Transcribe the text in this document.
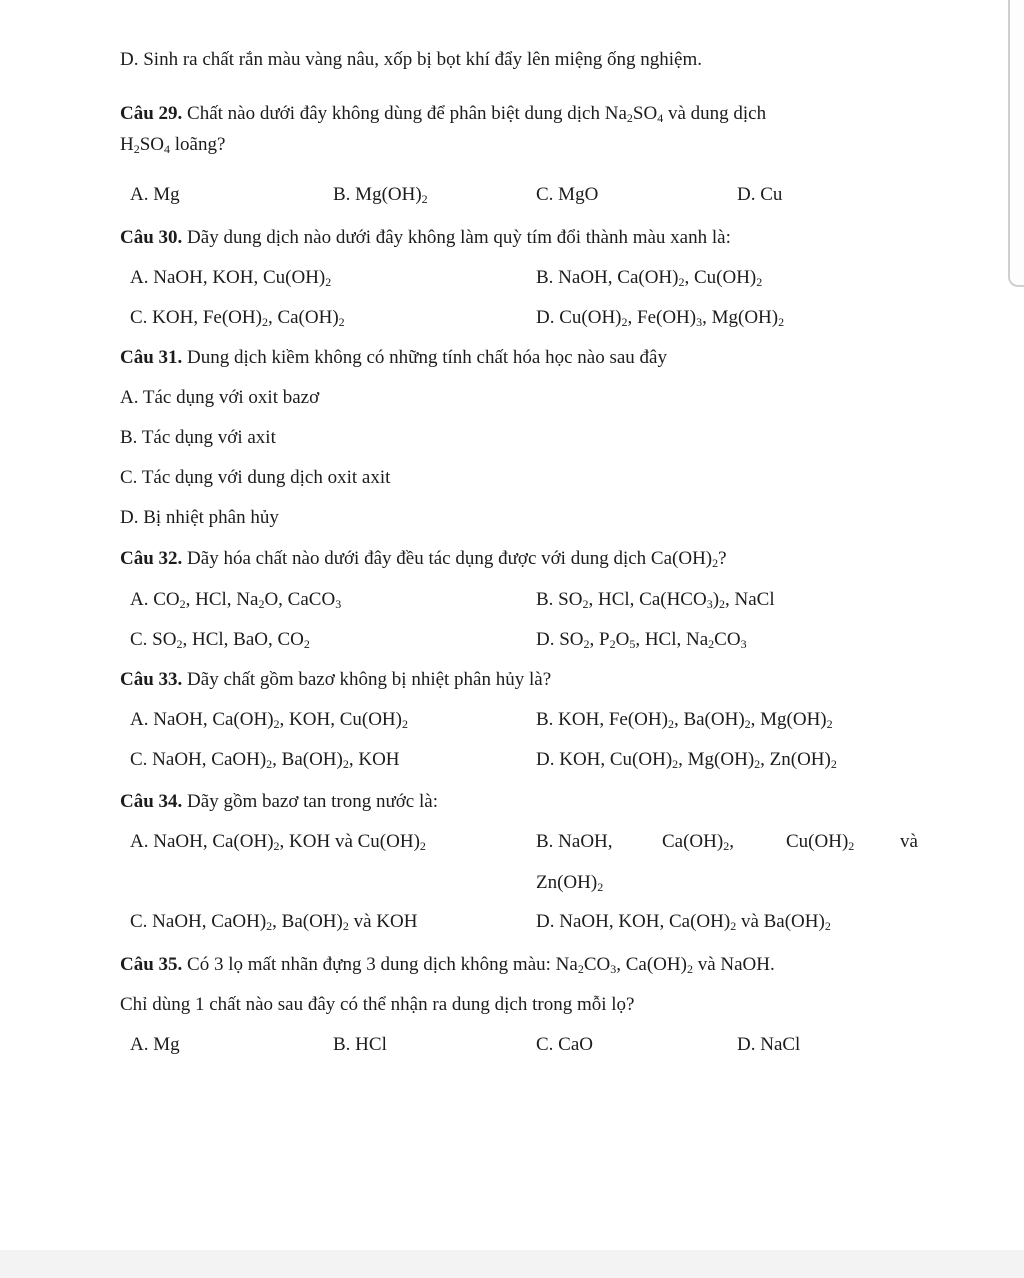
D. Sinh ra chất rắn màu vàng nâu, xốp bị bọt khí đẩy lên miệng ống nghiệm.
Câu 29. Chất nào dưới đây không dùng để phân biệt dung dịch $Na_2SO_4$ và dung dịch
$H_2SO_4$ loãng?
A. Mg	B. $Mg(OH)_2$	C. MgO	D. Cu
Câu 30. Dãy dung dịch nào dưới đây không làm quỳ tím đổi thành màu xanh là:
A. NaOH, KOH, $Cu(OH)_2$	B. NaOH, $Ca(OH)_2$, $Cu(OH)_2$
C. KOH, $Fe(OH)_2$, $Ca(OH)_2$	D. $Cu(OH)_2$, $Fe(OH)_3$, $Mg(OH)_2$
Câu 31. Dung dịch kiềm không có những tính chất hóa học nào sau đây
A. Tác dụng với oxit bazơ
B. Tác dụng với axit
C. Tác dụng với dung dịch oxit axit
D. Bị nhiệt phân hủy
Câu 32. Dãy hóa chất nào dưới đây đều tác dụng được với dung dịch $Ca(OH)_2$?
A. $CO_2$, HCl, $Na_2O$, CaCO$_3$	B. $SO_2$, HCl, $Ca(HCO_3)_2$, NaCl
C. $SO_2$, HCl, BaO, $CO_2$	D. $SO_2$, $P_2O_5$, HCl, $Na_2CO_3$
Câu 33. Dãy chất gồm bazơ không bị nhiệt phân hủy là?
A. NaOH, $Ca(OH)_2$, KOH, $Cu(OH)_2$	B. KOH, $Fe(OH)_2$, $Ba(OH)_2$, $Mg(OH)_2$
C. NaOH, $CaOH)_2$, $Ba(OH)_2$, KOH	D. KOH, $Cu(OH)_2$, $Mg(OH)_2$, $Zn(OH)_2$
Câu 34. Dãy gồm bazơ tan trong nước là:
A. NaOH, $Ca(OH)_2$, KOH và $Cu(OH)_2$	B. NaOH,	$Ca(OH)_2$,	$Cu(OH)_2$ và
$Zn(OH)_2$
C. NaOH, $CaOH)_2$, $Ba(OH)_2$ và KOH	D. NaOH, KOH, $Ca(OH)_2$ và $Ba(OH)_2$
Câu 35. Có 3 lọ mất nhãn đựng 3 dung dịch không màu: $Na_2CO_3$, $Ca(OH)_2$ và NaOH.
Chỉ dùng 1 chất nào sau đây có thể nhận ra dung dịch trong mỗi lọ?
A. Mg	B. HCl	C. CaO	D. NaCl
